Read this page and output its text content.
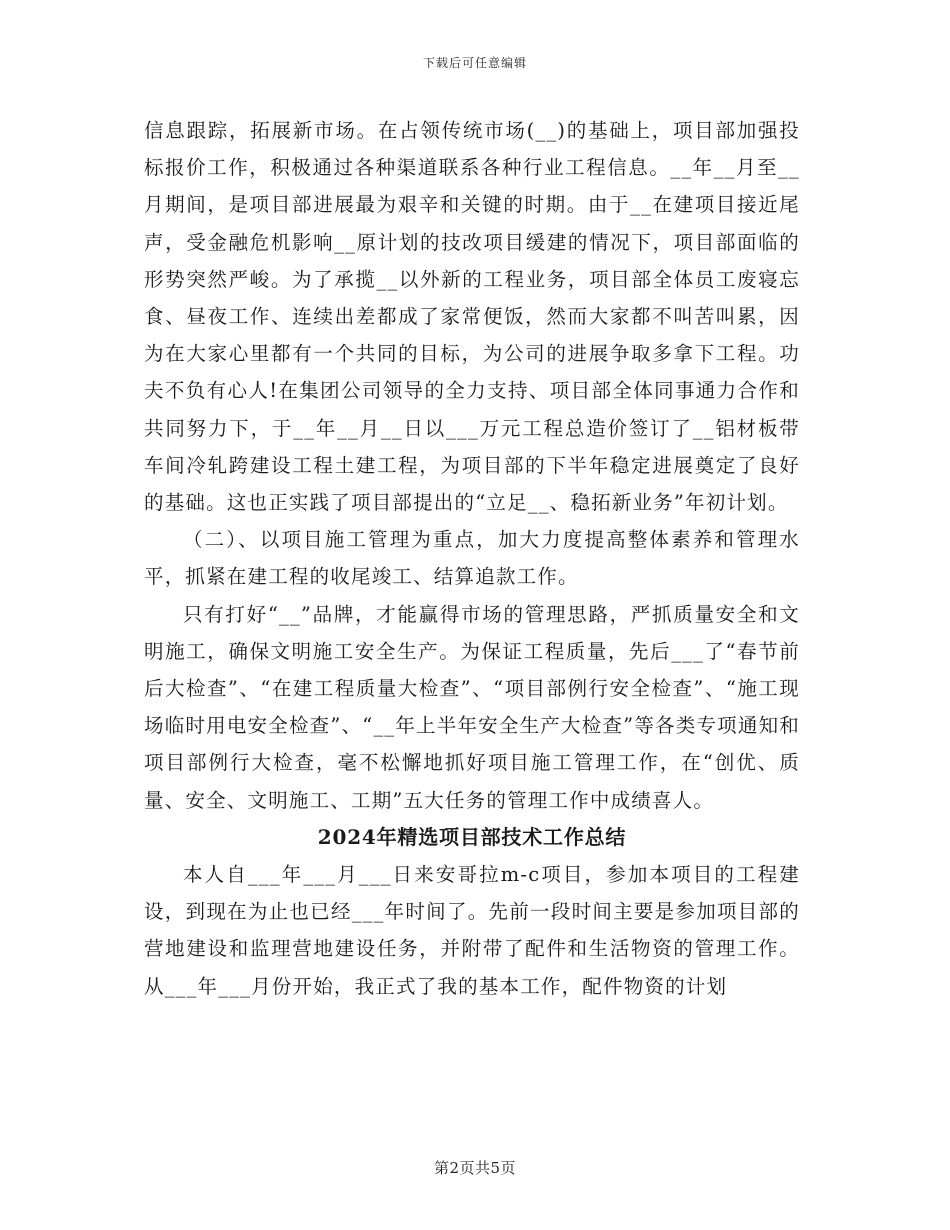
下载后可任意编辑

信息跟踪，拓展新市场。在占领传统市场(__)的基础上，项目部加强投标报价工作，积极通过各种渠道联系各种行业工程信息。__年__月至__月期间，是项目部进展最为艰辛和关键的时期。由于__在建项目接近尾声，受金融危机影响__原计划的技改项目缓建的情况下，项目部面临的形势突然严峻。为了承揽__以外新的工程业务，项目部全体员工废寝忘食、昼夜工作、连续出差都成了家常便饭，然而大家都不叫苦叫累，因为在大家心里都有一个共同的目标，为公司的进展争取多拿下工程。功夫不负有心人!在集团公司领导的全力支持、项目部全体同事通力合作和共同努力下，于__年__月__日以___万元工程总造价签订了__铝材板带车间冷轧跨建设工程土建工程，为项目部的下半年稳定进展奠定了良好的基础。这也正实践了项目部提出的“立足__、稳拓新业务”年初计划。

（二）、以项目施工管理为重点，加大力度提高整体素养和管理水平，抓紧在建工程的收尾竣工、结算追款工作。

只有打好“__”品牌，才能赢得市场的管理思路，严抓质量安全和文明施工，确保文明施工安全生产。为保证工程质量，先后___了“春节前后大检查”、“在建工程质量大检查”、“项目部例行安全检查”、“施工现场临时用电安全检查”、“__年上半年安全生产大检查”等各类专项通知和项目部例行大检查，毫不松懈地抓好项目施工管理工作，在“创优、质量、安全、文明施工、工期”五大任务的管理工作中成绩喜人。

2024年精选项目部技术工作总结

本人自___年___月___日来安哥拉m-c项目，参加本项目的工程建设，到现在为止也已经___年时间了。先前一段时间主要是参加项目部的营地建设和监理营地建设任务，并附带了配件和生活物资的管理工作。从___年___月份开始，我正式了我的基本工作，配件物资的计划

第2页共5页
